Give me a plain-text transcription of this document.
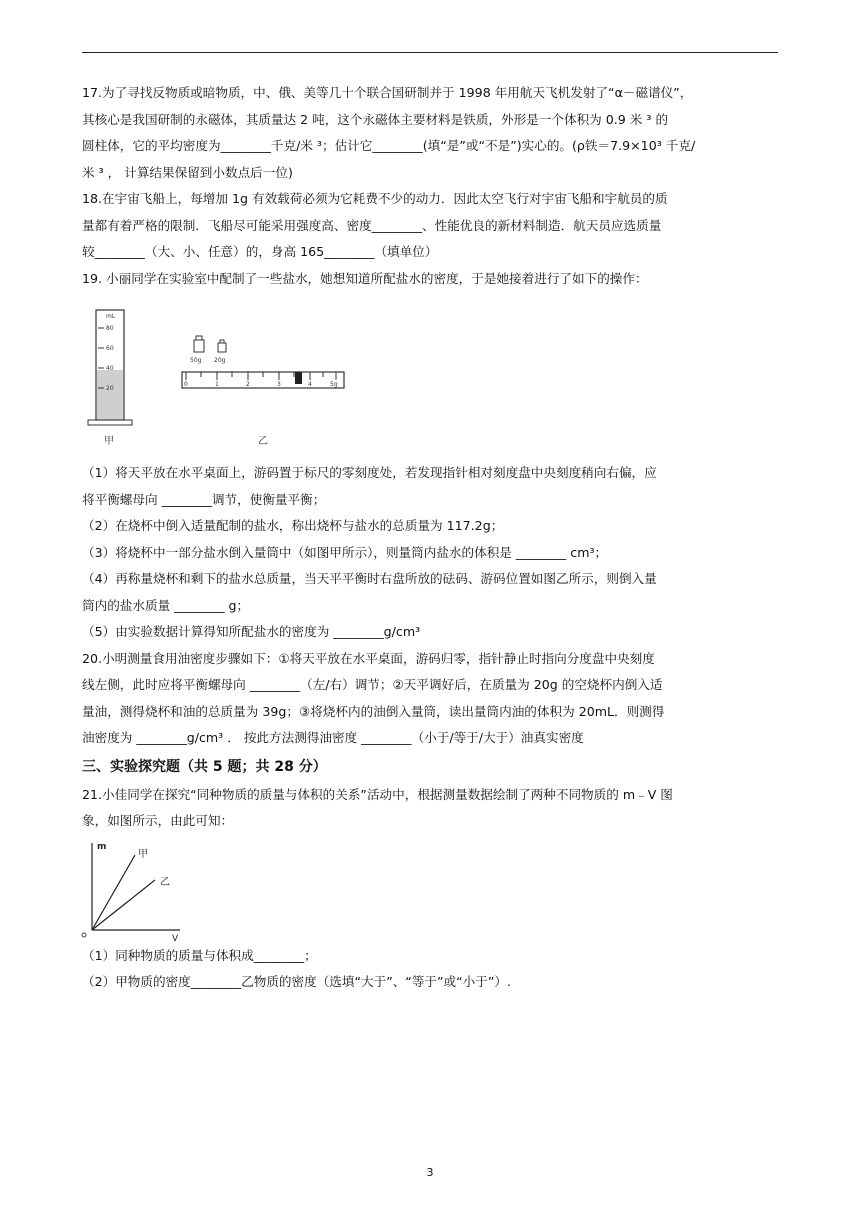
17.为了寻找反物质或暗物质，中、俄、美等几十个联合国研制并于 1998 年用航天飞机发射了“α－磁谱仪”，

其核心是我国研制的永磁体，其质量达 2 吨，这个永磁体主要材料是铁质，外形是一个体积为 0.9 米 ³ 的

圆柱体，它的平均密度为________千克/米 ³；估计它________(填“是”或“不是”)实心的。(ρ铁＝7.9×10³ 千克/

米 ³ ， 计算结果保留到小数点后一位)

18.在宇宙飞船上，每增加 1g 有效载荷必须为它耗费不少的动力．因此太空飞行对宇宙飞船和宇航员的质

量都有着严格的限制．飞船尽可能采用强度高、密度________、性能优良的新材料制造．航天员应选质量

较________（大、小、任意）的，身高 165________（填单位）

19. 小丽同学在实验室中配制了一些盐水，她想知道所配盐水的密度，于是她接着进行了如下的操作：

mL
80
60
40
20
甲
50g 20g
0	1	2	3	4	5g
乙

（1）将天平放在水平桌面上，游码置于标尺的零刻度处，若发现指针相对刻度盘中央刻度稍向右偏，应

将平衡螺母向 ________调节，使衡量平衡；

（2）在烧杯中倒入适量配制的盐水，称出烧杯与盐水的总质量为 117.2g；

（3）将烧杯中一部分盐水倒入量筒中（如图甲所示），则量筒内盐水的体积是 ________ cm³；

（4）再称量烧杯和剩下的盐水总质量，当天平平衡时右盘所放的砝码、游码位置如图乙所示，则倒入量

筒内的盐水质量 ________ g；

（5）由实验数据计算得知所配盐水的密度为 ________g/cm³

20.小明测量食用油密度步骤如下：①将天平放在水平桌面，游码归零，指针静止时指向分度盘中央刻度

线左侧，此时应将平衡螺母向 ________（左/右）调节；②天平调好后，在质量为 20g 的空烧杯内倒入适

量油，测得烧杯和油的总质量为 39g；③将烧杯内的油倒入量筒，读出量筒内油的体积为 20mL．则测得

油密度为 ________g/cm³ ． 按此方法测得油密度 ________（小于/等于/大于）油真实密度

三、实验探究题（共 5 题；共 28 分）

21.小佳同学在探究“同种物质的质量与体积的关系”活动中，根据测量数据绘制了两种不同物质的 m﹣V 图

象，如图所示，由此可知：

m
V
甲
乙

（1）同种物质的质量与体积成________；

（2）甲物质的密度________乙物质的密度（选填“大于”、“等于”或“小于”）.

3
